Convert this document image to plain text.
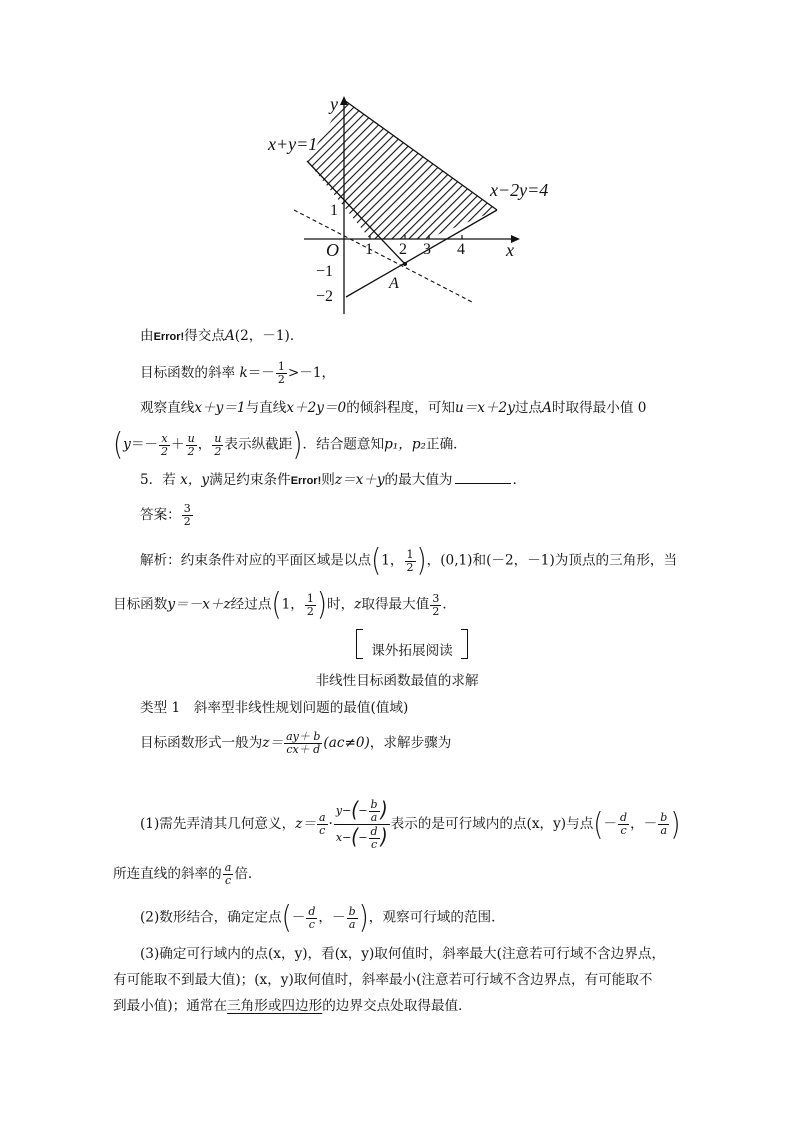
y
x
O
x+y=1
x−2y=4
A
1 2 3 4
1
−1
−2
由Error!得交点A(2，－1)．
目标函数的斜率 $k=- \frac{1}{2} >-1$，
观察直线x＋y＝1与直线x＋2y＝0的倾斜程度，可知u＝x＋2y过点A时取得最小值 0
($y=- \frac{x}{2} + \frac{u}{2}$ ， $\frac{u}{2}$ 表示纵截距)．结合题意知p₁，p₂正确．
5．若 x，y满足约束条件Error!则z＝x＋y的最大值为	．
答案： $\frac{3}{2}$
解析：约束条件对应的平面区域是以点(1， $\frac{1}{2}$ )，(0,1)和(－2，－1)为顶点的三角形，当
目标函数y＝－x＋z经过点(1， $\frac{1}{2}$ )时，z取得最大值 $\frac{3}{2}$ ．
课外拓展阅读
非线性目标函数最值的求解
类型 1　斜率型非线性规划问题的最值(值域)
目标函数形式一般为$z= \frac{ay+ b}{cx+ d} (ac\ne 0)$，求解步骤为
(1)需先弄清其几何意义，$z= \frac{a}{c} \cdot \frac{y-(- \frac{b}{a} )}{x-(- \frac{d}{c} )}$ 表示的是可行域内的点(x，y)与点(－ $\frac{d}{c}$ ，－ $\frac{b}{a}$ )
所连直线的斜率的 $\frac{a}{c}$ 倍．
(2)数形结合，确定定点(－ $\frac{d}{c}$ ，－ $\frac{b}{a}$ )，观察可行域的范围．
(3)确定可行域内的点(x，y)，看(x，y)取何值时，斜率最大(注意若可行域不含边界点，
有可能取不到最大值)；(x，y)取何值时，斜率最小(注意若可行域不含边界点，有可能取不
到最小值)；通常在三角形或四边形的边界交点处取得最值．
